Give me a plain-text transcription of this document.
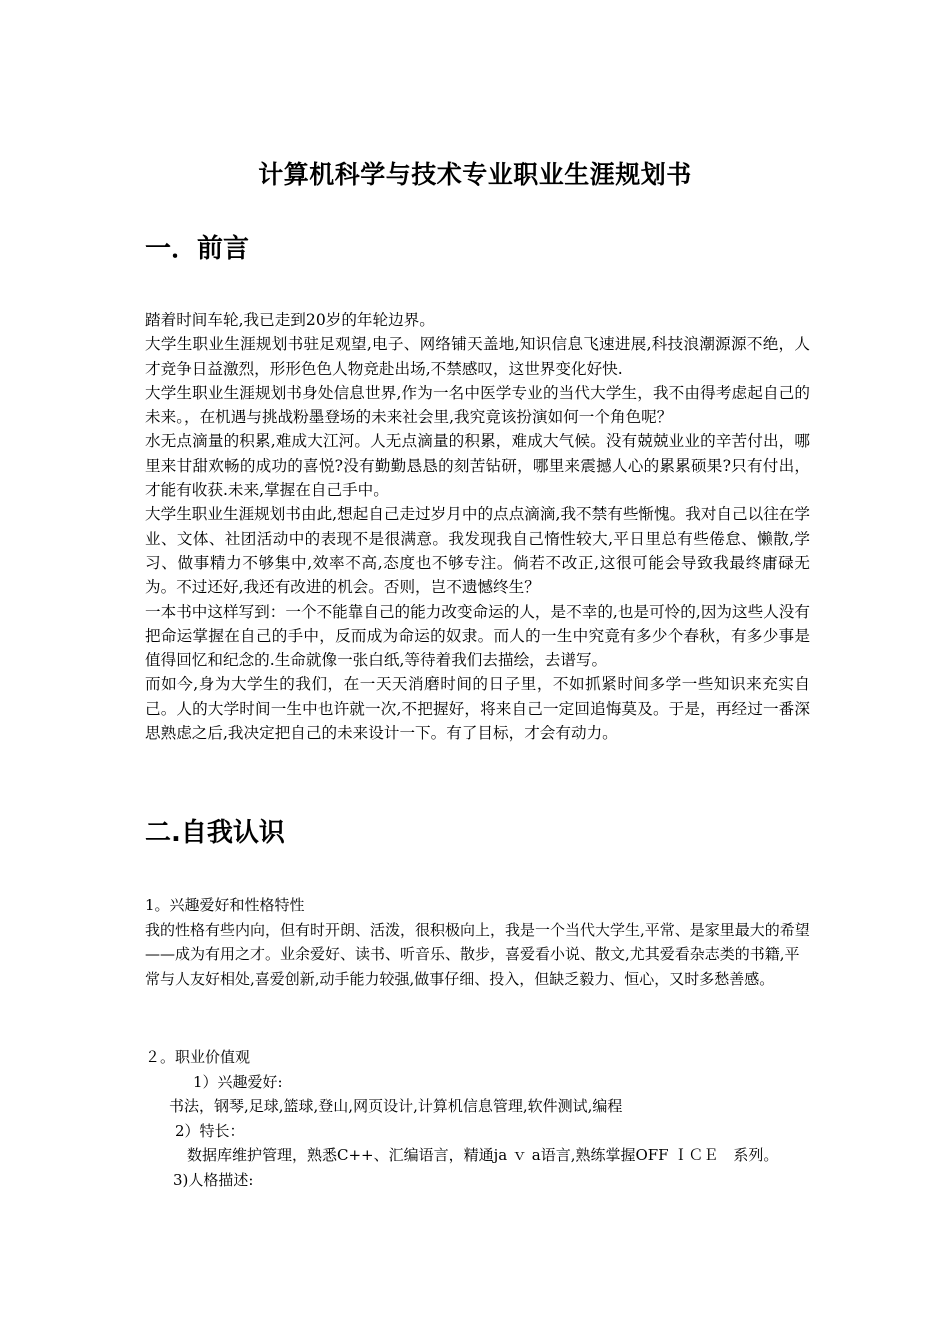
计算机科学与技术专业职业生涯规划书
一．前言

踏着时间车轮,我已走到20岁的年轮边界。

大学生职业生涯规划书驻足观望,电子、网络铺天盖地,知识信息飞速进展,科技浪潮源源不绝，人才竞争日益激烈，形形色色人物竞赴出场,不禁感叹，这世界变化好快.

大学生职业生涯规划书身处信息世界,作为一名中医学专业的当代大学生，我不由得考虑起自己的未来。，在机遇与挑战粉墨登场的未来社会里,我究竟该扮演如何一个角色呢？

水无点滴量的积累,难成大江河。人无点滴量的积累，难成大气候。没有兢兢业业的辛苦付出，哪里来甘甜欢畅的成功的喜悦?没有勤勤恳恳的刻苦钻研，哪里来震撼人心的累累硕果?只有付出，才能有收获.未来,掌握在自己手中。

大学生职业生涯规划书由此,想起自己走过岁月中的点点滴滴,我不禁有些惭愧。我对自己以往在学业、文体、社团活动中的表现不是很满意。我发现我自己惰性较大,平日里总有些倦怠、懒散,学习、做事精力不够集中,效率不高,态度也不够专注。倘若不改正,这很可能会导致我最终庸碌无为。不过还好,我还有改进的机会。否则，岂不遗憾终生？

一本书中这样写到：一个不能靠自己的能力改变命运的人，是不幸的,也是可怜的,因为这些人没有把命运掌握在自己的手中，反而成为命运的奴隶。而人的一生中究竟有多少个春秋，有多少事是值得回忆和纪念的.生命就像一张白纸,等待着我们去描绘，去谱写。

而如今,身为大学生的我们，在一天天消磨时间的日子里，不如抓紧时间多学一些知识来充实自己。人的大学时间一生中也许就一次,不把握好，将来自己一定回追悔莫及。于是，再经过一番深思熟虑之后,我决定把自己的未来设计一下。有了目标，才会有动力。

二.自我认识

1。兴趣爱好和性格特性

我的性格有些内向，但有时开朗、活泼，很积极向上，我是一个当代大学生,平常、是家里最大的希望——成为有用之才。业余爱好、读书、听音乐、散步，喜爱看小说、散文,尤其爱看杂志类的书籍,平常与人友好相处,喜爱创新,动手能力较强,做事仔细、投入，但缺乏毅力、恒心，又时多愁善感。

２。职业价值观

1）兴趣爱好:

书法，钢琴,足球,篮球,登山,网页设计,计算机信息管理,软件测试,编程

2）特长：

数据库维护管理，熟悉C++、汇编语言，精通ja ｖ a语言,熟练掌握OFF ＩＣＥ　系列。

3)人格描述:
